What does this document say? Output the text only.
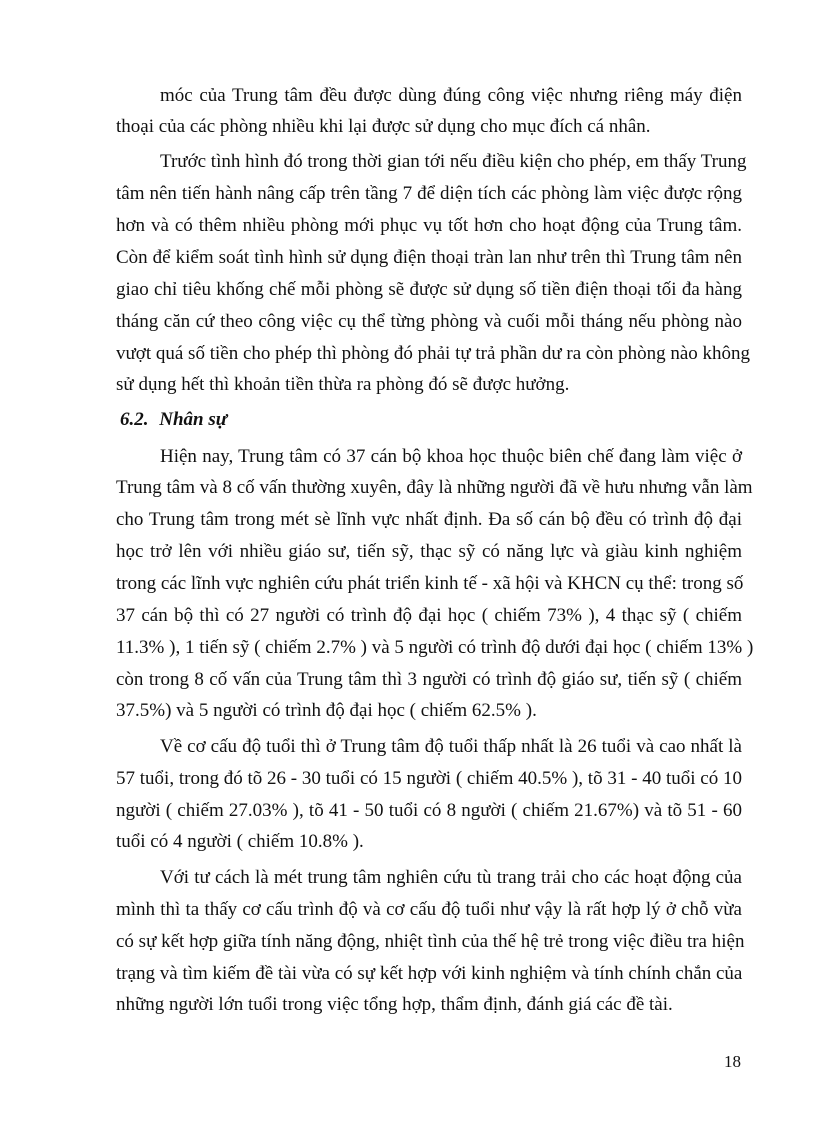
móc của Trung tâm đều được dùng đúng công việc nhưng riêng máy điện
thoại của các phòng nhiều khi lại được sử dụng cho mục đích cá nhân.
Trước tình hình đó trong thời gian tới nếu điều kiện cho phép, em thấy Trung
tâm nên tiến hành nâng cấp trên tầng 7 để diện tích các phòng làm việc được rộng
hơn và có thêm nhiều phòng mới phục vụ tốt hơn cho hoạt động của Trung tâm.
Còn để kiểm soát tình hình sử dụng điện thoại tràn lan như trên thì Trung tâm nên
giao chỉ tiêu khống chế mỗi phòng sẽ được sử dụng số tiền điện thoại tối đa hàng
tháng căn cứ theo công việc cụ thể từng phòng và cuối mỗi tháng nếu phòng nào
vượt quá số tiền cho phép thì phòng đó phải tự trả phần dư ra còn phòng nào không
sử dụng hết thì khoản tiền thừa ra phòng đó sẽ được hưởng.
6.2. Nhân sự
Hiện nay, Trung tâm có 37 cán bộ khoa học thuộc biên chế đang làm việc ở
Trung tâm và 8 cố vấn thường xuyên, đây là những người đã về hưu nhưng vẫn làm
cho Trung tâm trong mét sè lĩnh vực nhất định. Đa số cán bộ đều có trình độ đại
học trở lên với nhiều giáo sư, tiến sỹ, thạc sỹ có năng lực và giàu kinh nghiệm
trong các lĩnh vực nghiên cứu phát triển kinh tế - xã hội và KHCN cụ thể: trong số
37 cán bộ thì có 27 người có trình độ đại học ( chiếm 73% ), 4 thạc sỹ ( chiếm
11.3% ), 1 tiến sỹ ( chiếm 2.7% ) và 5 người có trình độ dưới đại học ( chiếm 13% )
còn trong 8 cố vấn của Trung tâm thì 3 người có trình độ giáo sư, tiến sỹ ( chiếm
37.5%) và 5 người có trình độ đại học ( chiếm 62.5% ).
Về cơ cấu độ tuổi thì ở Trung tâm độ tuổi thấp nhất là 26 tuổi và cao nhất là
57 tuổi, trong đó tõ 26 - 30 tuổi có 15 người ( chiếm 40.5% ), tõ 31 - 40 tuổi có 10
người ( chiếm 27.03% ), tõ 41 - 50 tuổi có 8 người ( chiếm 21.67%) và tõ 51 - 60
tuổi có 4 người ( chiếm 10.8% ).
Với tư cách là mét trung tâm nghiên cứu tù trang trải cho các hoạt động của
mình thì ta thấy cơ cấu trình độ và cơ cấu độ tuổi như vậy là rất hợp lý ở chỗ vừa
có sự kết hợp giữa tính năng động, nhiệt tình của thế hệ trẻ trong việc điều tra hiện
trạng và tìm kiếm đề tài vừa có sự kết hợp với kinh nghiệm và tính chính chắn của
những người lớn tuổi trong việc tổng hợp, thẩm định, đánh giá các đề tài.
18
